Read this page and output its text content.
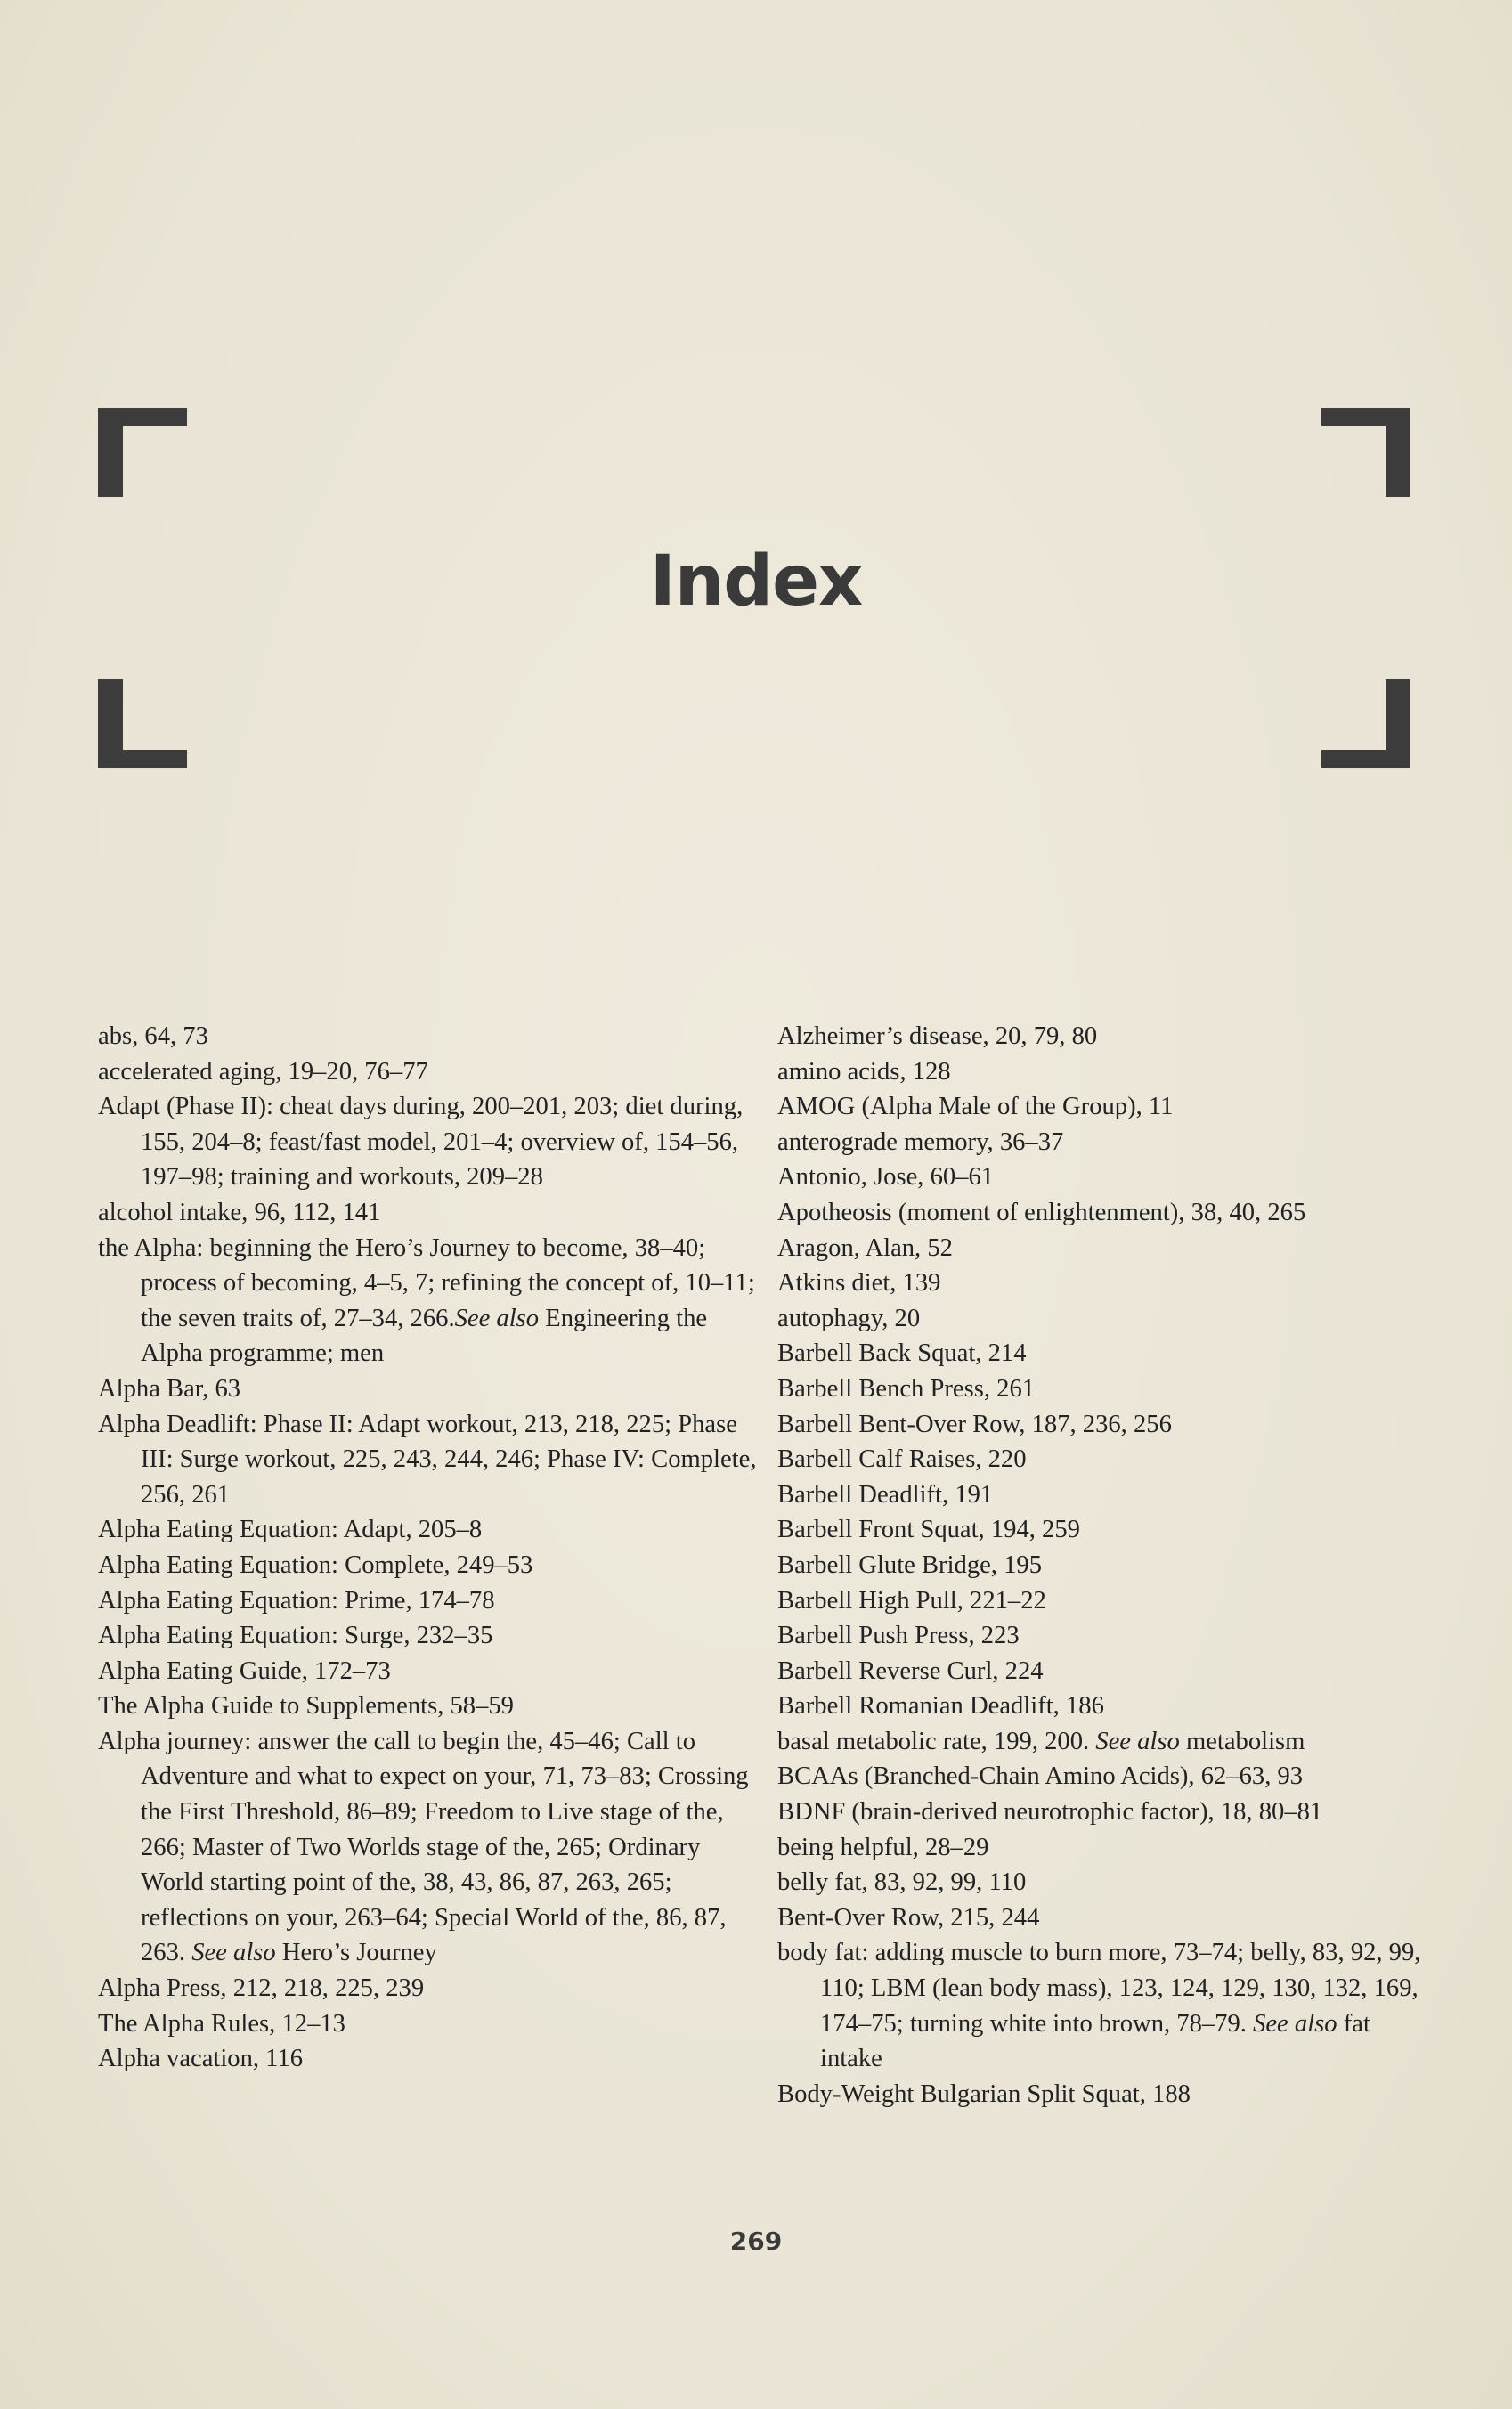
Index
abs, 64, 73
accelerated aging, 19–20, 76–77
Adapt (Phase II): cheat days during, 200–201, 203; diet during, 155, 204–8; feast/fast model, 201–4; overview of, 154–56, 197–98; training and workouts, 209–28
alcohol intake, 96, 112, 141
the Alpha: beginning the Hero’s Journey to become, 38–40; process of becoming, 4–5, 7; refining the concept of, 10–11; the seven traits of, 27–34, 266.See also Engineering the Alpha programme; men
Alpha Bar, 63
Alpha Deadlift: Phase II: Adapt workout, 213, 218, 225; Phase III: Surge workout, 225, 243, 244, 246; Phase IV: Complete, 256, 261
Alpha Eating Equation: Adapt, 205–8
Alpha Eating Equation: Complete, 249–53
Alpha Eating Equation: Prime, 174–78
Alpha Eating Equation: Surge, 232–35
Alpha Eating Guide, 172–73
The Alpha Guide to Supplements, 58–59
Alpha journey: answer the call to begin the, 45–46; Call to Adventure and what to expect on your, 71, 73–83; Crossing the First Threshold, 86–89; Freedom to Live stage of the, 266; Master of Two Worlds stage of the, 265; Ordinary World starting point of the, 38, 43, 86, 87, 263, 265; reflections on your, 263–64; Special World of the, 86, 87, 263. See also Hero’s Journey
Alpha Press, 212, 218, 225, 239
The Alpha Rules, 12–13
Alpha vacation, 116
Alzheimer’s disease, 20, 79, 80
amino acids, 128
AMOG (Alpha Male of the Group), 11
anterograde memory, 36–37
Antonio, Jose, 60–61
Apotheosis (moment of enlightenment), 38, 40, 265
Aragon, Alan, 52
Atkins diet, 139
autophagy, 20
Barbell Back Squat, 214
Barbell Bench Press, 261
Barbell Bent-Over Row, 187, 236, 256
Barbell Calf Raises, 220
Barbell Deadlift, 191
Barbell Front Squat, 194, 259
Barbell Glute Bridge, 195
Barbell High Pull, 221–22
Barbell Push Press, 223
Barbell Reverse Curl, 224
Barbell Romanian Deadlift, 186
basal metabolic rate, 199, 200. See also metabolism
BCAAs (Branched-Chain Amino Acids), 62–63, 93
BDNF (brain-derived neurotrophic factor), 18, 80–81
being helpful, 28–29
belly fat, 83, 92, 99, 110
Bent-Over Row, 215, 244
body fat: adding muscle to burn more, 73–74; belly, 83, 92, 99, 110; LBM (lean body mass), 123, 124, 129, 130, 132, 169, 174–75; turning white into brown, 78–79. See also fat intake
Body-Weight Bulgarian Split Squat, 188
269
